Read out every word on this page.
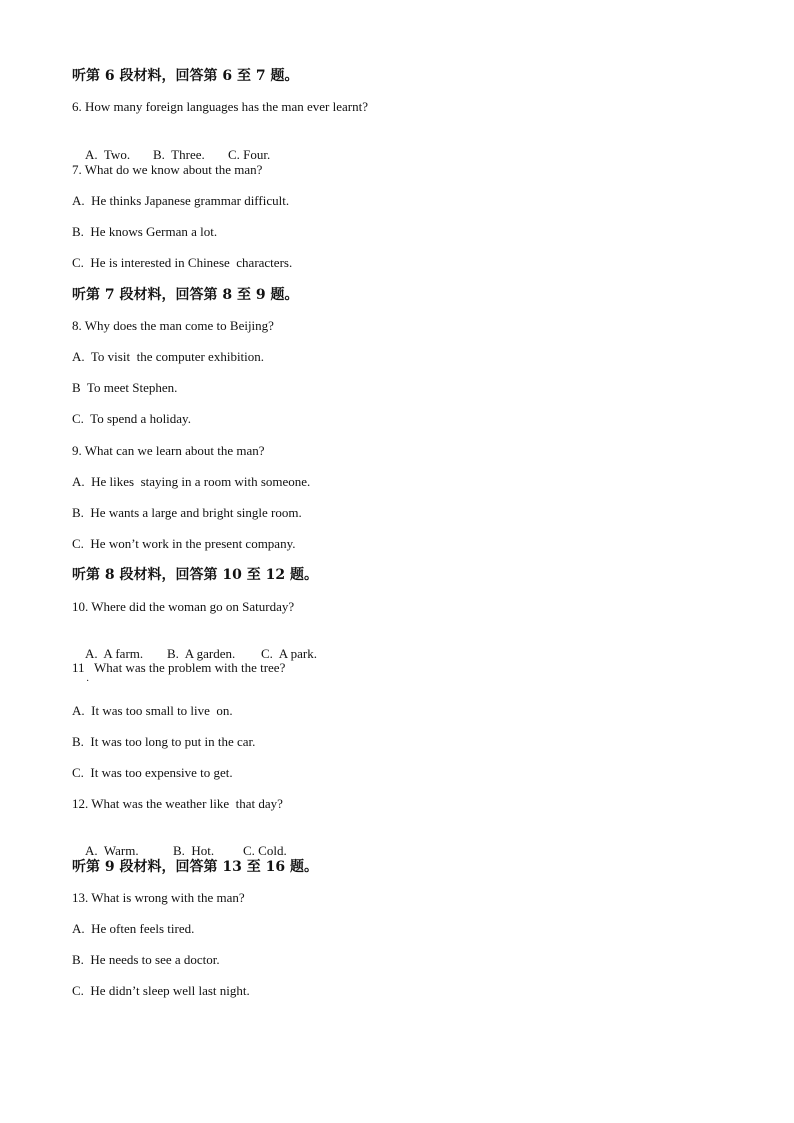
听第 6 段材料，回答第 6 至 7 题。
6. How many foreign languages has the man ever learnt?

A.  Two. B.  Three. C. Four.

7. What do we know about the man?
A.  He thinks Japanese grammar difficult.
B.  He knows German a lot.
C.  He is interested in Chinese  characters.
听第 7 段材料，回答第 8 至 9 题。
8. Why does the man come to Beijing?
A.  To visit  the computer exhibition.
B  To meet Stephen.
C.  To spend a holiday.
9. What can we learn about the man?
A.  He likes  staying in a room with someone.
B.  He wants a large and bright single room.
C.  He won’t work in the present company.
听第 8 段材料，回答第 10 至 12 题。
10. Where did the woman go on Saturday?

A.  A farm. B.  A garden. C.  A park.

11   What was the problem with the tree?
·
A.  It was too small to live  on.
B.  It was too long to put in the car.
C.  It was too expensive to get.
12. What was the weather like  that day?

A.  Warm.	B.  Hot. C. Cold.

听第 9 段材料，回答第 13 至 16 题。
13. What is wrong with the man?
A.  He often feels tired.
B.  He needs to see a doctor.
C.  He didn’t sleep well last night.
